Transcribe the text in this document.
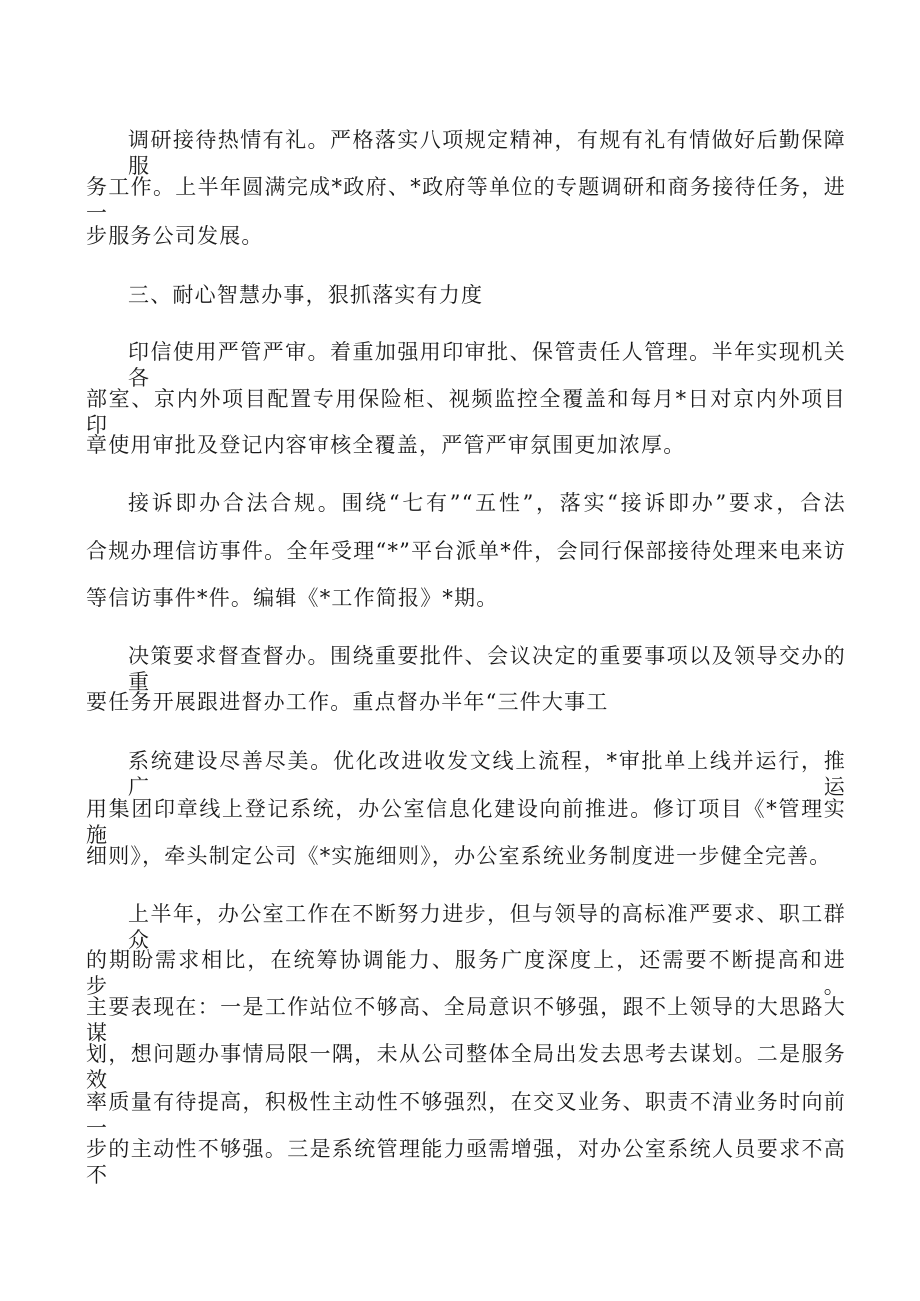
调研接待热情有礼。严格落实八项规定精神，有规有礼有情做好后勤保障服
务工作。上半年圆满完成*政府、*政府等单位的专题调研和商务接待任务，进一
步服务公司发展。
三、耐心智慧办事，狠抓落实有力度
印信使用严管严审。着重加强用印审批、保管责任人管理。半年实现机关各
部室、京内外项目配置专用保险柜、视频监控全覆盖和每月*日对京内外项目印
章使用审批及登记内容审核全覆盖，严管严审氛围更加浓厚。
接诉即办合法合规。围绕“七有”“五性”，落实“接诉即办”要求，合法
合规办理信访事件。全年受理“*”平台派单*件，会同行保部接待处理来电来访
等信访事件*件。编辑《*工作简报》*期。
决策要求督查督办。围绕重要批件、会议决定的重要事项以及领导交办的重
要任务开展跟进督办工作。重点督办半年“三件大事工
系统建设尽善尽美。优化改进收发文线上流程，*审批单上线并运行，推广运
用集团印章线上登记系统，办公室信息化建设向前推进。修订项目《*管理实施
细则》，牵头制定公司《*实施细则》，办公室系统业务制度进一步健全完善。
上半年，办公室工作在不断努力进步，但与领导的高标准严要求、职工群众
的期盼需求相比，在统筹协调能力、服务广度深度上，还需要不断提高和进步。
主要表现在：一是工作站位不够高、全局意识不够强，跟不上领导的大思路大谋
划，想问题办事情局限一隅，未从公司整体全局出发去思考去谋划。二是服务效
率质量有待提高，积极性主动性不够强烈，在交叉业务、职责不清业务时向前一
步的主动性不够强。三是系统管理能力亟需增强，对办公室系统人员要求不高不
